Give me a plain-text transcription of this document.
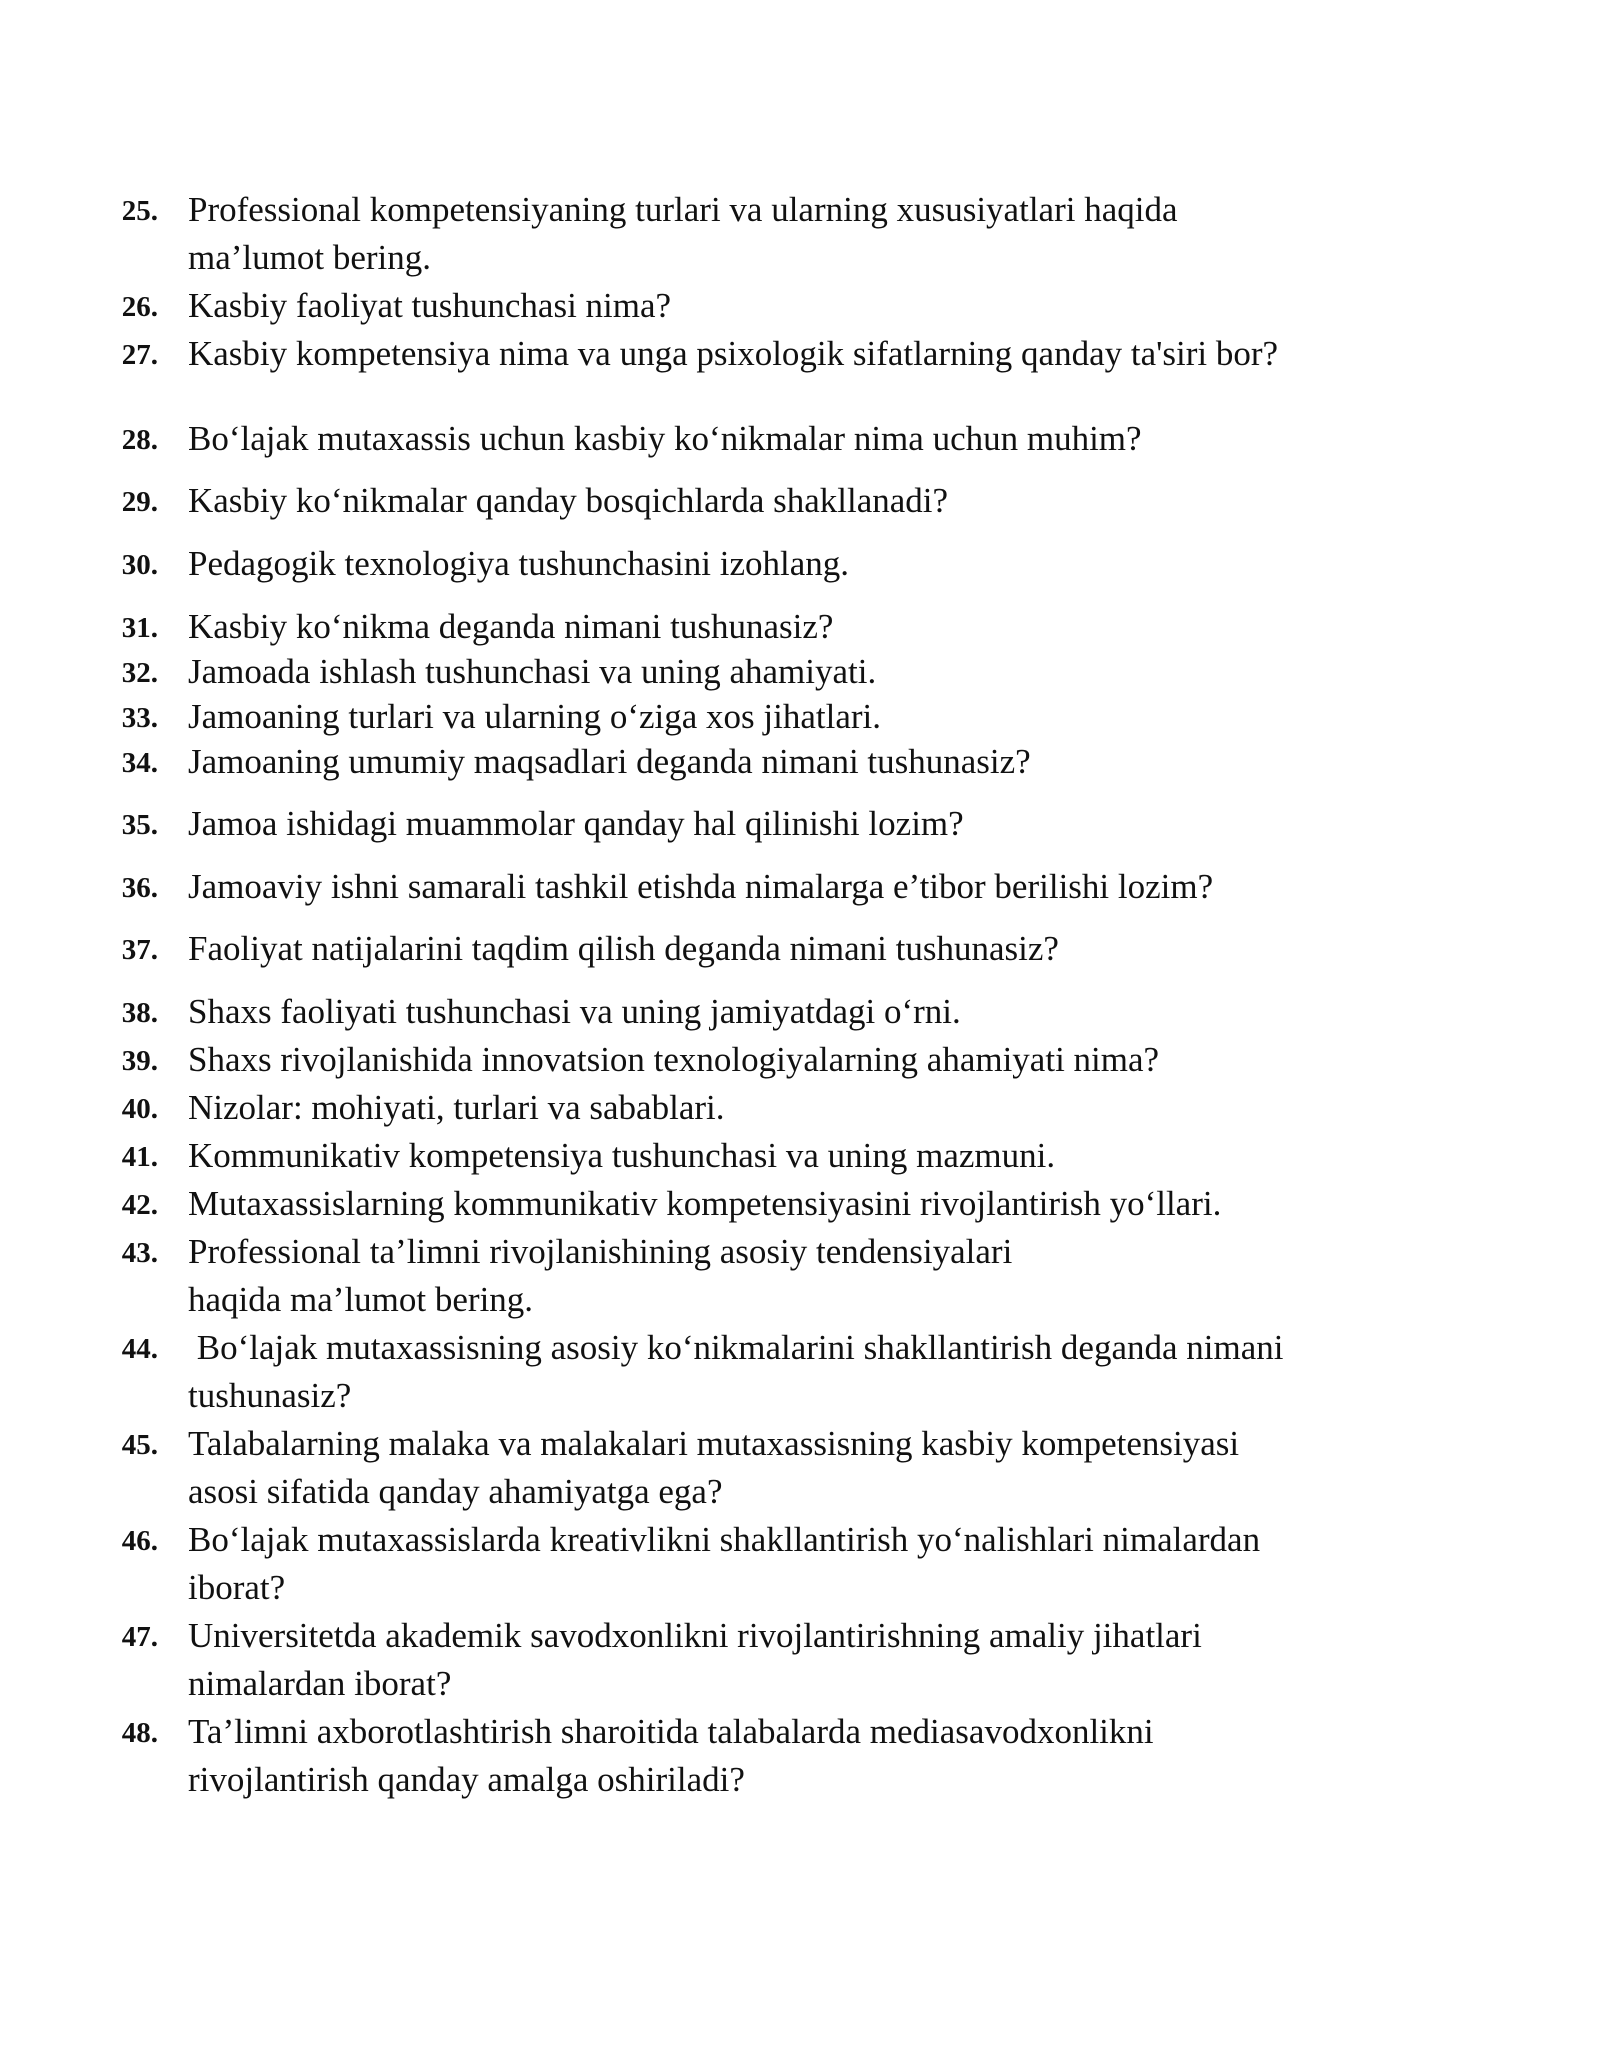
25. Professional kompetensiyaning turlari va ularning xususiyatlari haqida
ma’lumot bering.
26. Kasbiy faoliyat tushunchasi nima?
27. Kasbiy kompetensiya nima va unga psixologik sifatlarning qanday ta'siri bor?
28. Bo‘lajak mutaxassis uchun kasbiy ko‘nikmalar nima uchun muhim?
29. Kasbiy ko‘nikmalar qanday bosqichlarda shakllanadi?
30. Pedagogik texnologiya tushunchasini izohlang.
31. Kasbiy ko‘nikma deganda nimani tushunasiz?
32. Jamoada ishlash tushunchasi va uning ahamiyati.
33. Jamoaning turlari va ularning o‘ziga xos jihatlari.
34. Jamoaning umumiy maqsadlari deganda nimani tushunasiz?
35. Jamoa ishidagi muammolar qanday hal qilinishi lozim?
36. Jamoaviy ishni samarali tashkil etishda nimalarga e’tibor berilishi lozim?
37. Faoliyat natijalarini taqdim qilish deganda nimani tushunasiz?
38. Shaxs faoliyati tushunchasi va uning jamiyatdagi o‘rni.
39. Shaxs rivojlanishida innovatsion texnologiyalarning ahamiyati nima?
40. Nizolar: mohiyati, turlari va sabablari.
41. Kommunikativ kompetensiya tushunchasi va uning mazmuni.
42. Mutaxassislarning kommunikativ kompetensiyasini rivojlantirish yo‘llari.
43. Professional ta’limni rivojlanishining asosiy tendensiyalari
haqida ma’lumot bering.
44. Bo‘lajak mutaxassisning asosiy ko‘nikmalarini shakllantirish deganda nimani
tushunasiz?
45. Talabalarning malaka va malakalari mutaxassisning kasbiy kompetensiyasi
asosi sifatida qanday ahamiyatga ega?
46. Bo‘lajak mutaxassislarda kreativlikni shakllantirish yo‘nalishlari nimalardan
iborat?
47. Universitetda akademik savodxonlikni rivojlantirishning amaliy jihatlari
nimalardan iborat?
48. Ta’limni axborotlashtirish sharoitida talabalarda mediasavodxonlikni
rivojlantirish qanday amalga oshiriladi?
